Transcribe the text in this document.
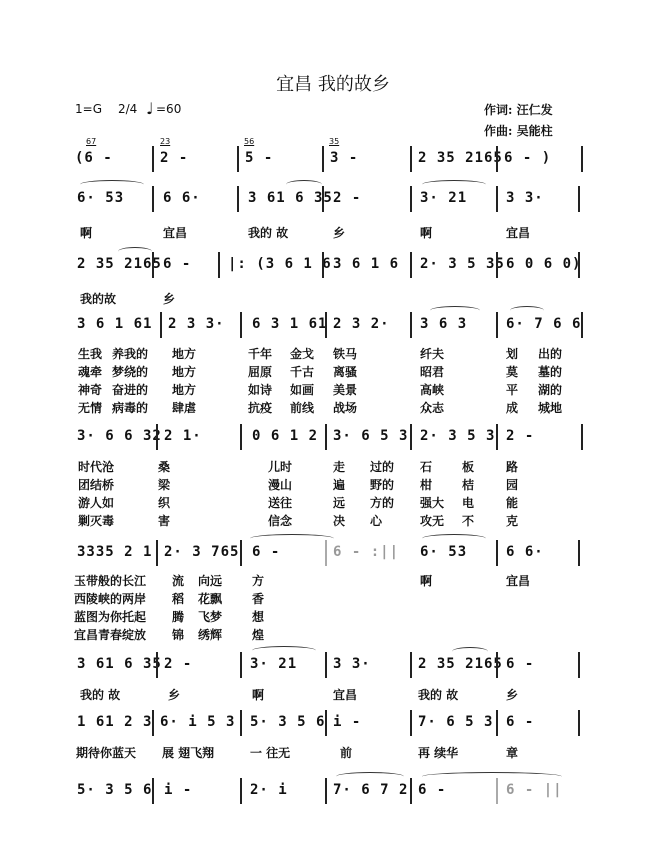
宜昌 我的故乡
1=G 2/4 ♩ =60	作词: 汪仁发
作曲: 吴能柱
67	23	56	35
(6 -	2 -	5 -	3 -	2 35 2165 6 - )
6· 53	6 6·	3 61 6 35 2 -	3· 21	3 3·
啊	宜昌	我的 故	乡	啊	宜昌
2 35 2165 6 -	|: (3 6 1 6 3 6 1 6 2· 3 5 35 6 0 6 0)
我的故	乡
3 6 1 61 2 3 3· 6 3 1 61 2 3 2· 3 6 3	6· 7 6 6
生我 养我的 地方	千年 金戈 铁马	纤夫	划 出的
魂牵 梦绕的 地方	屈原 千古 离骚	昭君	莫 墓的
神奇 奋进的 地方	如诗 如画 美景	高峡	平 湖的
无情 病毒的 肆虐	抗疫 前线 战场	众志	成 城地
3· 6 6 32 2 1·	0 6 1 2 3· 6 5 3 2· 3 5 3 2 -
时代沧	桑	儿时	走 过的 石 板	路
团结桥	梁	漫山	遍 野的 柑 桔	园
游人如	织	送往	远 方的 强大 电	能
剿灭毒	害	信念	决 心	攻无 不	克
3335 2 1 2· 3 765 6 -	6 - :|| 6· 53	6 6·
玉带般的长江 流 向远 方	啊	宜昌
西陵峡的两岸 稻 花飘 香
蓝图为你托起 腾 飞梦 想
宜昌青春绽放 锦 绣辉 煌
3 61 6 35 2 -	3· 21	3 3·	2 35 2165 6 -
我的 故	乡	啊	宜昌	我的 故	乡
1 61 2 3 6· i 5 3 5· 3 5 6 i -	7· 6 5 3 6 -
期待你蓝天 展 翅飞翔	一 往无	前	再 续华	章
5· 3 5 6 i -	2· i	7· 6 7 2 6 -	6 - ||
